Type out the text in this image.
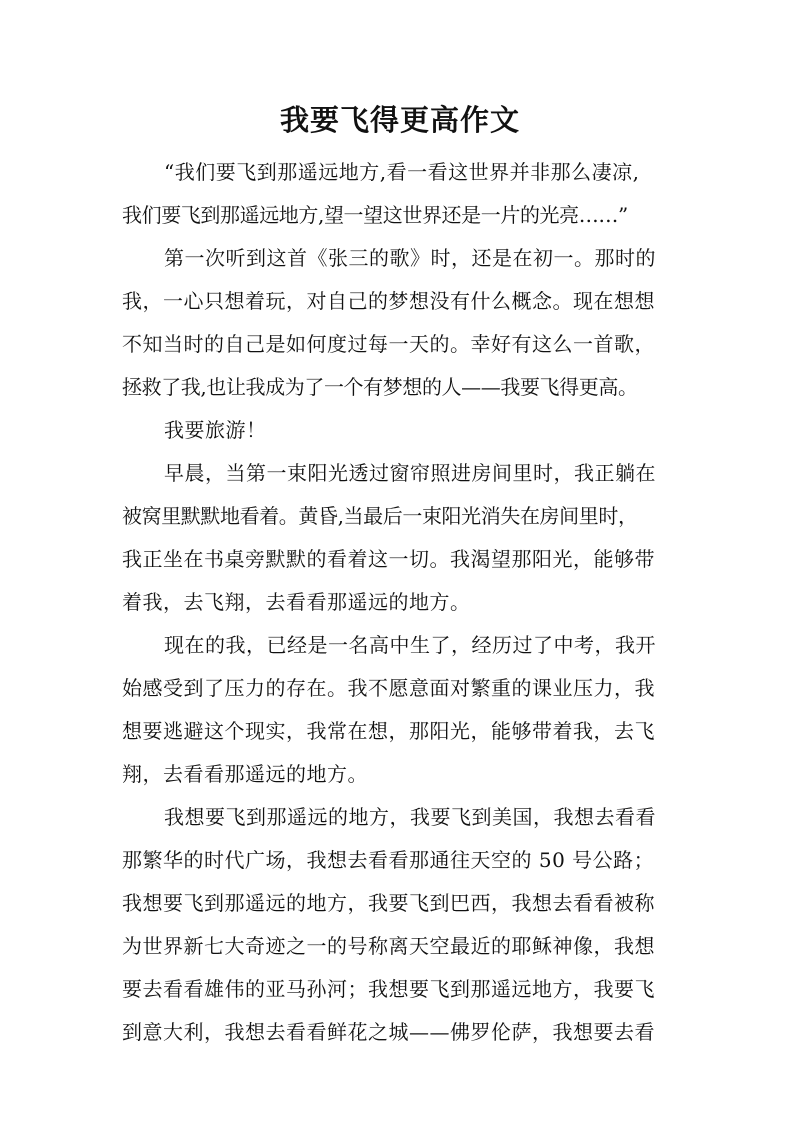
我要飞得更高作文
“我们要飞到那遥远地方,看一看这世界并非那么凄凉,
我们要飞到那遥远地方,望一望这世界还是一片的光亮……”
第一次听到这首《张三的歌》时，还是在初一。那时的
我，一心只想着玩，对自己的梦想没有什么概念。现在想想
不知当时的自己是如何度过每一天的。幸好有这么一首歌，
拯救了我,也让我成为了一个有梦想的人——我要飞得更高。
我要旅游！
早晨，当第一束阳光透过窗帘照进房间里时，我正躺在
被窝里默默地看着。黄昏,当最后一束阳光消失在房间里时，
我正坐在书桌旁默默的看着这一切。我渴望那阳光，能够带
着我，去飞翔，去看看那遥远的地方。
现在的我，已经是一名高中生了，经历过了中考，我开
始感受到了压力的存在。我不愿意面对繁重的课业压力，我
想要逃避这个现实，我常在想，那阳光，能够带着我，去飞
翔，去看看那遥远的地方。
我想要飞到那遥远的地方，我要飞到美国，我想去看看
那繁华的时代广场，我想去看看那通往天空的 50 号公路；
我想要飞到那遥远的地方，我要飞到巴西，我想去看看被称
为世界新七大奇迹之一的号称离天空最近的耶稣神像，我想
要去看看雄伟的亚马孙河；我想要飞到那遥远地方，我要飞
到意大利，我想去看看鲜花之城——佛罗伦萨，我想要去看
